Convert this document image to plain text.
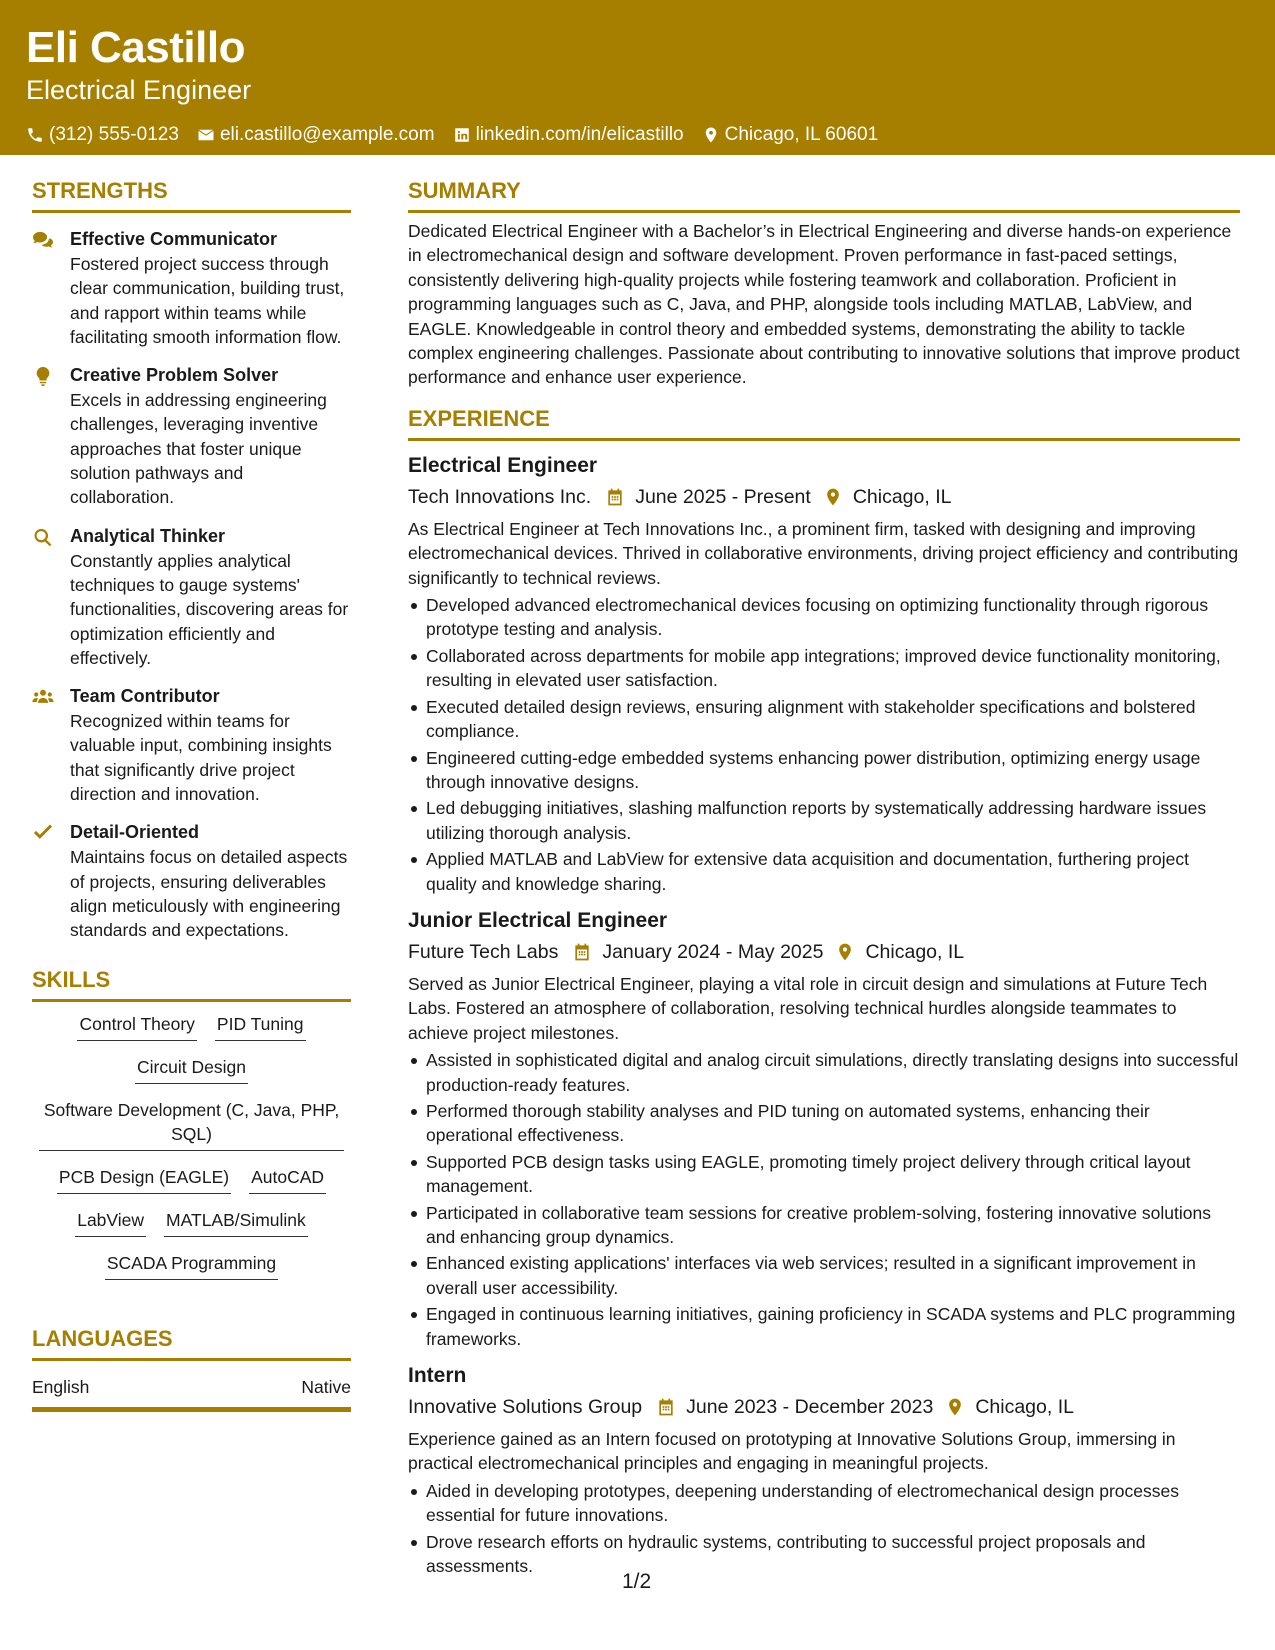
Eli Castillo
Electrical Engineer
(312) 555-0123 eli.castillo@example.com linkedin.com/in/elicastillo Chicago, IL 60601
STRENGTHS
Effective Communicator
Fostered project success through clear communication, building trust, and rapport within teams while facilitating smooth information flow.
Creative Problem Solver
Excels in addressing engineering challenges, leveraging inventive approaches that foster unique solution pathways and collaboration.
Analytical Thinker
Constantly applies analytical techniques to gauge systems' functionalities, discovering areas for optimization efficiently and effectively.
Team Contributor
Recognized within teams for valuable input, combining insights that significantly drive project direction and innovation.
Detail-Oriented
Maintains focus on detailed aspects of projects, ensuring deliverables align meticulously with engineering standards and expectations.
SKILLS
Control Theory PID Tuning
Circuit Design
Software Development (C, Java, PHP, SQL)
PCB Design (EAGLE) AutoCAD
LabView MATLAB/Simulink
SCADA Programming
LANGUAGES
English	Native
SUMMARY
Dedicated Electrical Engineer with a Bachelor’s in Electrical Engineering and diverse hands-on experience in electromechanical design and software development. Proven performance in fast-paced settings, consistently delivering high-quality projects while fostering teamwork and collaboration. Proficient in programming languages such as C, Java, and PHP, alongside tools including MATLAB, LabView, and EAGLE. Knowledgeable in control theory and embedded systems, demonstrating the ability to tackle complex engineering challenges. Passionate about contributing to innovative solutions that improve product performance and enhance user experience.
EXPERIENCE
Electrical Engineer
Tech Innovations Inc. June 2025 - Present Chicago, IL
As Electrical Engineer at Tech Innovations Inc., a prominent firm, tasked with designing and improving electromechanical devices. Thrived in collaborative environments, driving project efficiency and contributing significantly to technical reviews.
Developed advanced electromechanical devices focusing on optimizing functionality through rigorous prototype testing and analysis.
Collaborated across departments for mobile app integrations; improved device functionality monitoring, resulting in elevated user satisfaction.
Executed detailed design reviews, ensuring alignment with stakeholder specifications and bolstered compliance.
Engineered cutting-edge embedded systems enhancing power distribution, optimizing energy usage through innovative designs.
Led debugging initiatives, slashing malfunction reports by systematically addressing hardware issues utilizing thorough analysis.
Applied MATLAB and LabView for extensive data acquisition and documentation, furthering project quality and knowledge sharing.
Junior Electrical Engineer
Future Tech Labs January 2024 - May 2025 Chicago, IL
Served as Junior Electrical Engineer, playing a vital role in circuit design and simulations at Future Tech Labs. Fostered an atmosphere of collaboration, resolving technical hurdles alongside teammates to achieve project milestones.
Assisted in sophisticated digital and analog circuit simulations, directly translating designs into successful production-ready features.
Performed thorough stability analyses and PID tuning on automated systems, enhancing their operational effectiveness.
Supported PCB design tasks using EAGLE, promoting timely project delivery through critical layout management.
Participated in collaborative team sessions for creative problem-solving, fostering innovative solutions and enhancing group dynamics.
Enhanced existing applications' interfaces via web services; resulted in a significant improvement in overall user accessibility.
Engaged in continuous learning initiatives, gaining proficiency in SCADA systems and PLC programming frameworks.
Intern
Innovative Solutions Group June 2023 - December 2023 Chicago, IL
Experience gained as an Intern focused on prototyping at Innovative Solutions Group, immersing in practical electromechanical principles and engaging in meaningful projects.
Aided in developing prototypes, deepening understanding of electromechanical design processes essential for future innovations.
Drove research efforts on hydraulic systems, contributing to successful project proposals and assessments.
1/2
